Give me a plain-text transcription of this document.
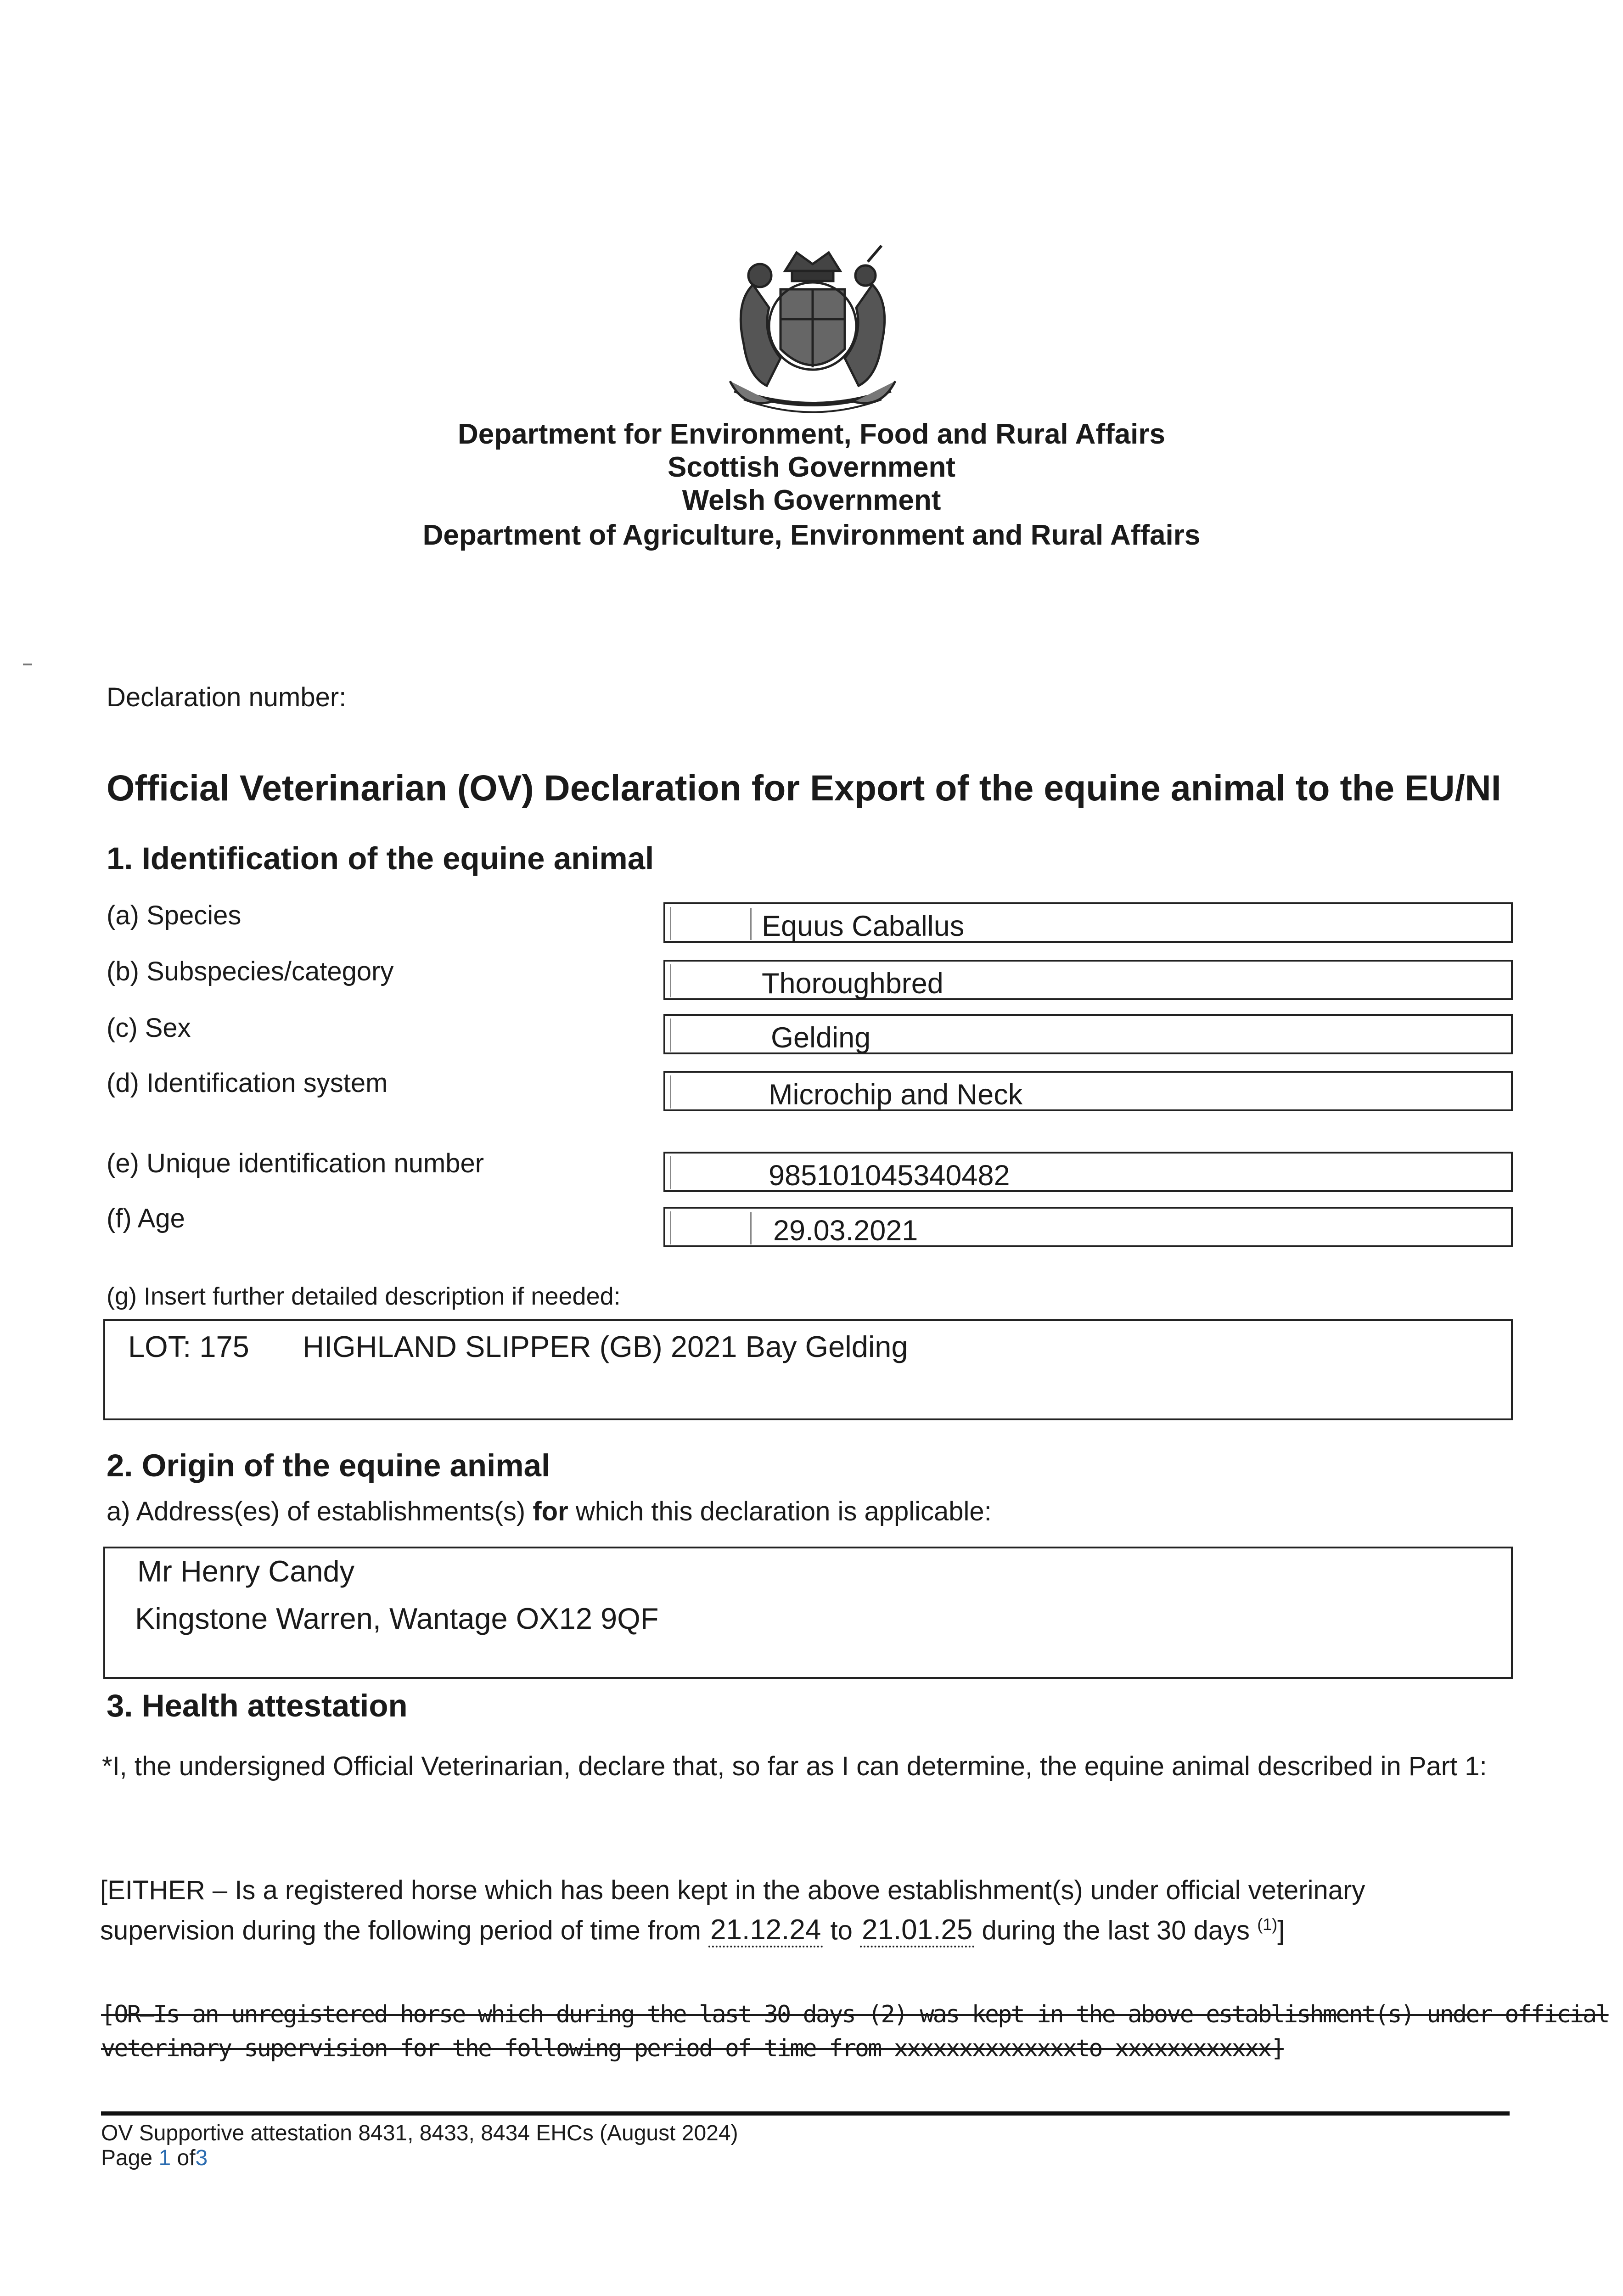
Department for Environment, Food and Rural Affairs
Scottish Government
Welsh Government
Department of Agriculture, Environment and Rural Affairs
Declaration number:
Official Veterinarian (OV) Declaration for Export of the equine animal to the EU/NI
1. Identification of the equine animal
(a) Species	Equus Caballus
(b) Subspecies/category	Thoroughbred
(c) Sex	Gelding
(d) Identification system	Microchip and Neck
(e) Unique identification number	985101045340482
(f) Age	29.03.2021
(g) Insert further detailed description if needed:
LOT: 175 HIGHLAND SLIPPER (GB) 2021 Bay Gelding
2. Origin of the equine animal
a) Address(es) of establishments(s) for which this declaration is applicable:
Mr Henry Candy
Kingstone Warren, Wantage OX12 9QF
3. Health attestation
*I, the undersigned Official Veterinarian, declare that, so far as I can determine, the equine animal described in Part 1:
[EITHER – Is a registered horse which has been kept in the above establishment(s) under official veterinary supervision during the following period of time from 21.12.24 to 21.01.25 during the last 30 days $^{(1)}$]
[OR–Is an unregistered horse which during the last 30 days (2) was kept in the above establishment(s) under official
veterinary supervision for the following period of time from xxxxxxxxxxxxxxto xxxxxxxxxxxx]
OV Supportive attestation 8431, 8433, 8434 EHCs (August 2024)
Page 1 of3
